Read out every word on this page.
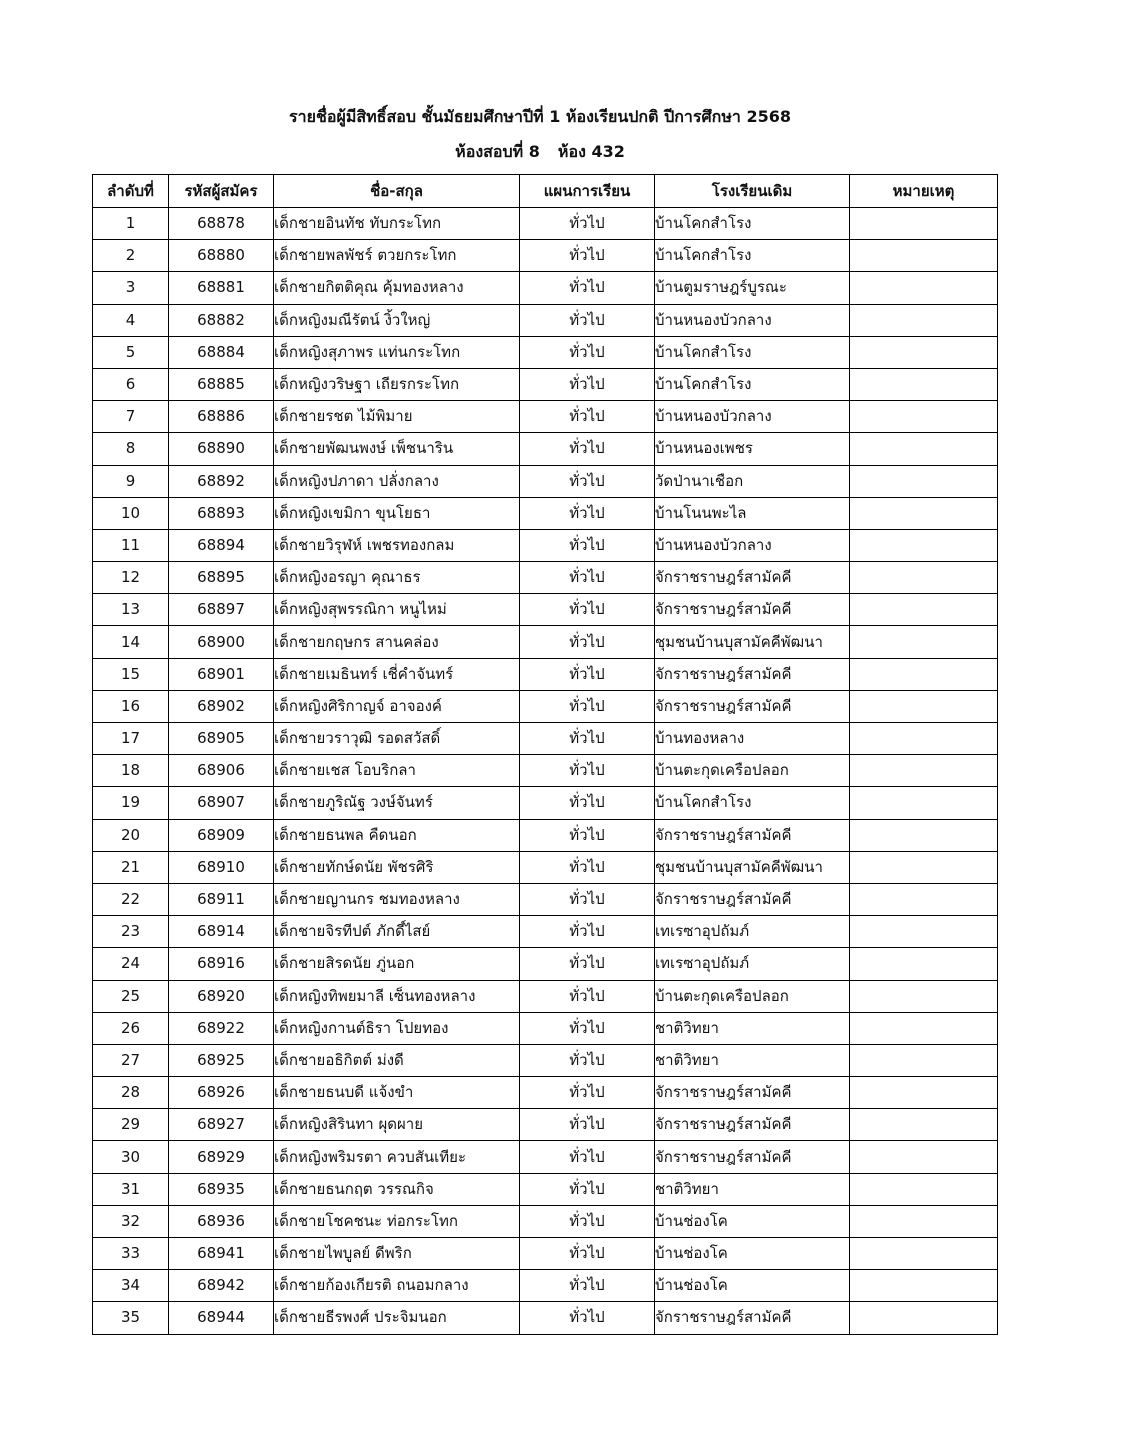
รายชื่อผู้มีสิทธิ์สอบ ชั้นมัธยมศึกษาปีที่ 1 ห้องเรียนปกติ ปีการศึกษา 2568
ห้องสอบที่ 8 ห้อง 432
ลำดับที่	รหัสผู้สมัคร	ชื่อ-สกุล	แผนการเรียน	โรงเรียนเดิม	หมายเหตุ
1	68878	เด็กชายอินทัช ทับกระโทก	ทั่วไป	บ้านโคกสำโรง	
2	68880	เด็กชายพลพัชร์ ตวยกระโทก	ทั่วไป	บ้านโคกสำโรง	
3	68881	เด็กชายกิตติคุณ คุ้มทองหลาง	ทั่วไป	บ้านตูมราษฎร์บูรณะ	
4	68882	เด็กหญิงมณีรัตน์ งิ้วใหญ่	ทั่วไป	บ้านหนองบัวกลาง	
5	68884	เด็กหญิงสุภาพร แท่นกระโทก	ทั่วไป	บ้านโคกสำโรง	
6	68885	เด็กหญิงวริษฐา เถียรกระโทก	ทั่วไป	บ้านโคกสำโรง	
7	68886	เด็กชายรชต ไม้พิมาย	ทั่วไป	บ้านหนองบัวกลาง	
8	68890	เด็กชายพัฒนพงษ์ เพ็ชนาริน	ทั่วไป	บ้านหนองเพชร	
9	68892	เด็กหญิงปภาดา ปลั่งกลาง	ทั่วไป	วัดป่านาเชือก	
10	68893	เด็กหญิงเขมิกา ขุนโยธา	ทั่วไป	บ้านโนนพะไล	
11	68894	เด็กชายวิรุฬห์ เพชรทองกลม	ทั่วไป	บ้านหนองบัวกลาง	
12	68895	เด็กหญิงอรญา คุณาธร	ทั่วไป	จักราชราษฎร์สามัคคี	
13	68897	เด็กหญิงสุพรรณิกา หนูไหม่	ทั่วไป	จักราชราษฎร์สามัคคี	
14	68900	เด็กชายกฤษกร สานคล่อง	ทั่วไป	ชุมชนบ้านบุสามัคคีพัฒนา	
15	68901	เด็กชายเมธินทร์ เชี่คำจันทร์	ทั่วไป	จักราชราษฎร์สามัคคี	
16	68902	เด็กหญิงศิริกาญจ์ อาจองค์	ทั่วไป	จักราชราษฎร์สามัคคี	
17	68905	เด็กชายวราวุฒิ รอดสวัสดิ์	ทั่วไป	บ้านทองหลาง	
18	68906	เด็กชายเชส โอบริกลา	ทั่วไป	บ้านตะกุดเครือปลอก	
19	68907	เด็กชายภูริณัฐ วงษ์จันทร์	ทั่วไป	บ้านโคกสำโรง	
20	68909	เด็กชายธนพล คืดนอก	ทั่วไป	จักราชราษฎร์สามัคคี	
21	68910	เด็กชายทักษ์ดนัย พัชรศิริ	ทั่วไป	ชุมชนบ้านบุสามัคคีพัฒนา	
22	68911	เด็กชายญานกร ชมทองหลาง	ทั่วไป	จักราชราษฎร์สามัคคี	
23	68914	เด็กชายจิรทีปต์ ภักดี์ไสย์	ทั่วไป	เทเรซาอุปถัมภ์	
24	68916	เด็กชายสิรดนัย ภู่นอก	ทั่วไป	เทเรซาอุปถัมภ์	
25	68920	เด็กหญิงทิพยมาลี เซ็นทองหลาง	ทั่วไป	บ้านตะกุดเครือปลอก	
26	68922	เด็กหญิงกานต์ธิรา โปยทอง	ทั่วไป	ชาติวิทยา	
27	68925	เด็กชายอธิกิตต์ ม่งดี	ทั่วไป	ชาติวิทยา	
28	68926	เด็กชายธนบดี แจ้งขำ	ทั่วไป	จักราชราษฎร์สามัคคี	
29	68927	เด็กหญิงสิรินทา ผุดผาย	ทั่วไป	จักราชราษฎร์สามัคคี	
30	68929	เด็กหญิงพริมรตา ควบสันเทียะ	ทั่วไป	จักราชราษฎร์สามัคคี	
31	68935	เด็กชายธนกฤต วรรณกิจ	ทั่วไป	ชาติวิทยา	
32	68936	เด็กชายโชคชนะ ท่อกระโทก	ทั่วไป	บ้านช่องโค	
33	68941	เด็กชายไพบูลย์ ดีพริก	ทั่วไป	บ้านช่องโค	
34	68942	เด็กชายก้องเกียรติ ถนอมกลาง	ทั่วไป	บ้านช่องโค	
35	68944	เด็กชายธีรพงศ์ ประจิมนอก	ทั่วไป	จักราชราษฎร์สามัคคี	
